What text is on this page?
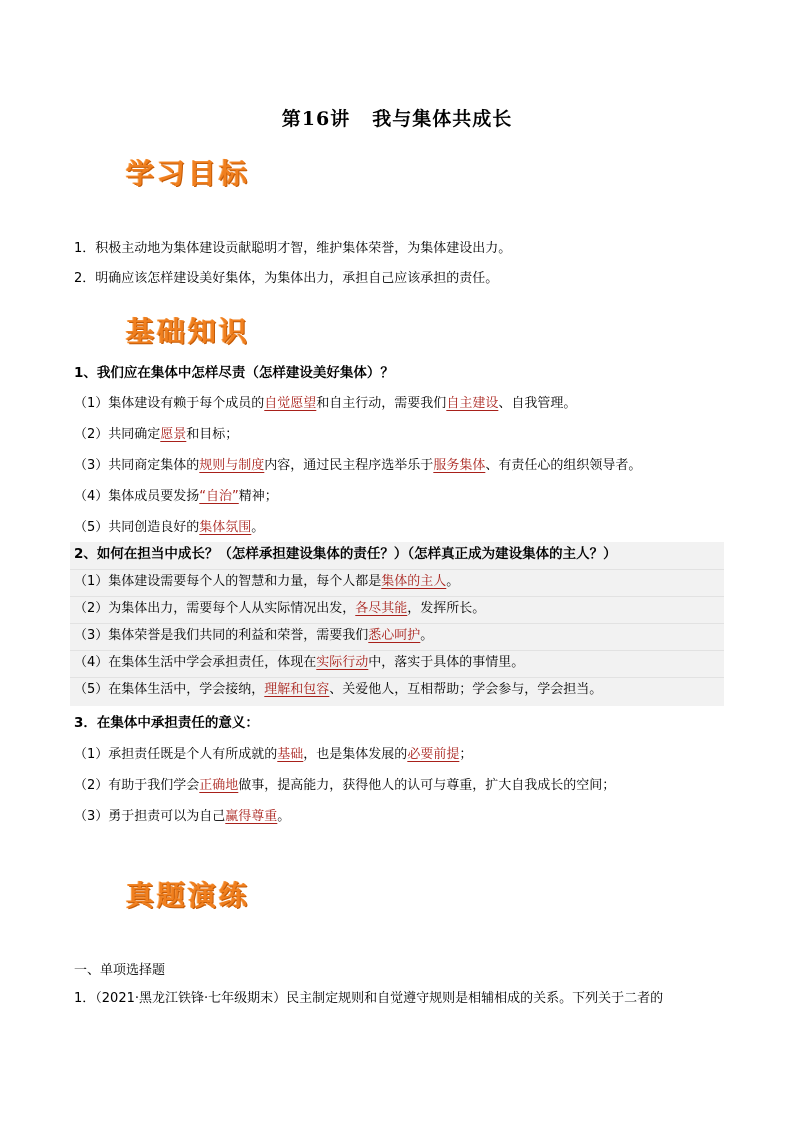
第16讲 我与集体共成长
学习目标
1．积极主动地为集体建设贡献聪明才智，维护集体荣誉，为集体建设出力。
2．明确应该怎样建设美好集体，为集体出力，承担自己应该承担的责任。
基础知识
1、我们应在集体中怎样尽责（怎样建设美好集体）？
（1）集体建设有赖于每个成员的自觉愿望和自主行动，需要我们自主建设、自我管理。
（2）共同确定愿景和目标；
（3）共同商定集体的规则与制度内容，通过民主程序选举乐于服务集体、有责任心的组织领导者。
（4）集体成员要发扬“自治”精神；
（5）共同创造良好的集体氛围。
2、如何在担当中成长？（怎样承担建设集体的责任？）（怎样真正成为建设集体的主人？）
（1）集体建设需要每个人的智慧和力量，每个人都是集体的主人。
（2）为集体出力，需要每个人从实际情况出发，各尽其能，发挥所长。
（3）集体荣誉是我们共同的利益和荣誉，需要我们悉心呵护。
（4）在集体生活中学会承担责任，体现在实际行动中，落实于具体的事情里。
（5）在集体生活中，学会接纳，理解和包容、关爱他人，互相帮助；学会参与，学会担当。
3．在集体中承担责任的意义：
（1）承担责任既是个人有所成就的基础，也是集体发展的必要前提；
（2）有助于我们学会正确地做事，提高能力，获得他人的认可与尊重，扩大自我成长的空间；
（3）勇于担责可以为自己赢得尊重。
真题演练
一、单项选择题
1．（2021·黑龙江铁锋·七年级期末）民主制定规则和自觉遵守规则是相辅相成的关系。下列关于二者的
